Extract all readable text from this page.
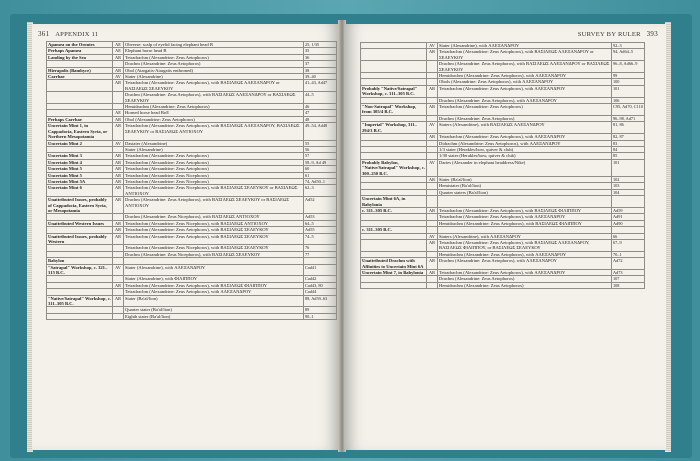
361 APPENDIX 11
Apamea on the Orontes	AE	Obverse: scalp of eyelid facing elephant head B	25, 1/35
Perhaps Apamea	AE	Elephant horse head B	35
Landing by the Sea	AR	Tetradrachm (Alexandrine: Zeus Aetophoros)	36
		Drachm (Alexandrine: Zeus Aetophoros)	37
Hierapolis (Bambyce)	AR	Obol (Atargatis-Atargatis enthroned)	38
Carrhae	AV	Stater (Alexandrine)	39–40
	AR	Tetradrachm (Alexandrine: Zeus Aetophoros), with ΒΑΣΙΛΕΩΣ ΑΛΕΞΑΝΔΡΟΥ or ΒΑΣΙΛΕΩΣ ΣΕΛΕΥΚΟΥ	41–43, Ad47
		Drachm (Alexandrine: Zeus Aetophoros), with ΒΑΣΙΛΕΩΣ ΑΛΕΞΑΝΔΡΟΥ or ΒΑΣΙΛΕΩΣ ΣΕΛΕΥΚΟΥ	44–5
		Hemidrachm (Alexandrine: Zeus Aetophoros)	46
	AE	Horned horse head BoE	47
Perhaps Carrhae	AR	Obol (Alexandrine: Zeus Aetophoros)	48
Uncertain Mint 1, in Cappadocia, Eastern Syria, or Northern Mesopotamia	AR	Tetradrachm (Alexandrine: Zeus Aetophoros), with ΒΑΣΙΛΕΩΣ ΑΛΕΞΑΝΔΡΟΥ, ΒΑΣΙΛΕΩΣ ΣΕΛΕΥΚΟΥ or ΒΑΣΙΛΕΩΣ ΑΝΤΙΟΧΟΥ	49–54, Ad48
Uncertain Mint 2	AV	Dastater (Alexandrine)	55
		Stater (Alexandrine)	56
Uncertain Mint 3	AR	Tetradrachm (Alexandrine: Zeus Aetophoros)	57
Uncertain Mint 4	AR	Tetradrachm (Alexandrine: Zeus Aetophoros)	58–9, Ad 49
Uncertain Mint 5	AR	Tetradrachm (Alexandrine: Zeus Aetophoros)	60
Uncertain Mint 5	AR	Tetradrachm (Alexandrine: Zeus Nicephoros)	61
Uncertain Mint 5A	AR	Tetradrachm (Alexandrine: Zeus Nicephoros)	74, Ad50–1
Uncertain Mint 6	AR	Tetradrachm (Alexandrine: Zeus Nicephoros), with ΒΑΣΙΛΕΩΣ ΣΕΛΕΥΚΟΥ or ΒΑΣΙΛΕΩΣ ΑΝΤΙΟΧΟΥ	62–3
Unattributed Issues, probably of Cappadocia, Eastern Syria, or Mesopotamia	AR	Drachm (Alexandrine: Zeus Aetophoros), with ΒΑΣΙΛΕΩΣ ΣΕΛΕΥΚΟΥ or ΒΑΣΙΛΕΩΣ ΑΝΤΙΟΧΟΥ	Ad52
		Drachm (Alexandrine: Zeus Nicephoros), with ΒΑΣΙΛΕΩΣ ΑΝΤΙΟΧΟΥ	Ad53
Unattributed Western Issues	AR	Tetradrachm (Alexandrine: Zeus Nicephoros), with ΒΑΣΙΛΕΩΣ ΑΝΤΙΟΧΟΥ	64–5
	AR	Tetradrachm (Alexandrine: Zeus Aetophoros), with ΒΑΣΙΛΕΩΣ ΣΕΛΕΥΚΟΥ	Ad55
Unattributed Issues, probably Western	AR	Tetradrachm (Alexandrine: Zeus Aetophoros), with ΒΑΣΙΛΕΩΣ ΣΕΛΕΥΚΟΥ	74–5
		Tetradrachm (Alexandrine: Zeus Nicephoros), with ΒΑΣΙΛΕΩΣ ΣΕΛΕΥΚΟΥ	76
		Drachm (Alexandrine: Zeus Nicephoros), with ΒΑΣΙΛΕΩΣ ΣΕΛΕΥΚΟΥ	77
Babylon			
"Satrapal" Workshop, c. 321–315 B.C.	AV	Stater (Alexandrine), with ΑΛΕΞΑΝΔΡΟΥ	Cad41
		Stater (Alexandrine), with ΦΙΛΙΠΠΟΥ	Cad42
	AR	Tetradrachm (Alexandrine: Zeus Aetophoros), with ΒΑΣΙΛΕΩΣ ΦΙΛΙΠΠΟΥ	Cad43, 80
		Tetradrachm (Alexandrine: Zeus Aetophoros), with ΑΛΕΞΑΝΔΡΟΥ	Cad44
"Native/Satrapal" Workshop, c. 311–305 B.C.	AR	Stater (Ba'al/lion)	88, Ad59–63
		Quarter stater (Ba'al/lion)	89
		Eighth stater (Ba'al/lion)	90–1
SURVEY BY RULER 393
	AV	Stater (Alexandrine), with ΑΛΕΞΑΝΔΡΟΥ	92–3
	AR	Tetradrachm (Alexandrine: Zeus Aetophoros), with ΒΑΣΙΛΕΩΣ ΑΛΕΞΑΝΔΡΟΥ or ΣΕΛΕΥΚΟΥ	94, Ad64–5
		Drachm (Alexandrine: Zeus Aetophoros), with ΒΑΣΙΛΕΩΣ ΑΛΕΞΑΝΔΡΟΥ or ΒΑΣΙΛΕΩΣ ΣΕΛΕΥΚΟΥ	96–8, Ad66–9
		Hemidrachm (Alexandrine: Zeus Aetophoros), with ΑΛΕΞΑΝΔΡΟΥ	99
		Obols (Alexandrine: Zeus Aetophoros), with ΑΛΕΞΑΝΔΡΟΥ	100
Probably "Native/Satrapal" Workshop, c. 311–305 B.C.	AR	Tetradrachm (Alexandrine: Zeus Aetophoros), with ΑΛΕΞΑΝΔΡΟΥ	101
		Drachm (Alexandrine: Zeus Aetophoros), with ΑΛΕΞΑΝΔΡΟΥ	106
"Non-Satrapal" Workshop, from 305/4 B.C.	AR	Tetradrachm (Alexandrine: Zeus Aetophoros)	C95, Ad70, C110
		Drachm (Alexandrine: Zeus Aetophoros)	96–98, Ad71
"Imperial" Workshop, 311–294/3 B.C.	AV	Staters (Alexandrine), with ΒΑΣΙΛΕΩΣ ΑΛΕΞΑΝΔΡΟΥ	81, 86
	AR	Tetradrachm (Alexandrine: Zeus Aetophoros), with ΑΛΕΞΑΝΔΡΟΥ	82, 87
		Didrachm (Alexandrine: Zeus Aetophoros), with ΑΛΕΞΑΝΔΡΟΥ	83
		1/3 stater (Herakles/bow, quiver & club)	84
		1/30 stater (Herakles/bow, quiver & club)	85
Probably Babylon, "Native/Satrapal" Workshop, c. 300–250 B.C.	AV	Daries (Alexander in elephant headdress/Nike)	101
	AR	Stater (Ba'al/lion)	102
		Hemistater (Ba'al/lion)	103
		Quarter staters (Ba'al/lion)	104
Uncertain Mint 6A, in Babylonia			
c. 311–305 B.C.	AR	Tetradrachm (Alexandrine: Zeus Aetophoros), with ΒΑΣΙΛΕΩΣ ΦΙΛΙΠΠΟΥ	Ad59
		Tetradrachm (Alexandrine: Zeus Aetophoros), with ΑΛΕΞΑΝΔΡΟΥ	Ad91
		Hemidrachm (Alexandrine: Zeus Aetophoros), with ΒΑΣΙΛΕΩΣ ΦΙΛΙΠΠΟΥ	Ad90
c. 311–305 B.C.			
	AV	Staters (Alexandrine), with ΑΛΕΞΑΝΔΡΟΥ	66
	AR	Tetradrachm (Alexandrine: Zeus Aetophoros), with ΒΑΣΙΛΕΩΣ ΑΛΕΞΑΝΔΡΟΥ, ΒΑΣΙΛΕΩΣ ΦΙΛΙΠΠΟΥ, or ΒΑΣΙΛΕΩΣ ΣΕΛΕΥΚΟΥ	67–9
		Hemidrachm (Alexandrine: Zeus Aetophoros), with ΑΛΕΞΑΝΔΡΟΥ	70–1
Unattributed Drachm with Affinities to Uncertain Mint 6A	AR	Drachm (Alexandrine: Zeus Aetophoros), with ΑΛΕΞΑΝΔΡΟΥ	Ad72
Uncertain Mint 7, in Babylonia	AR	Tetradrachm (Alexandrine: Zeus Aetophoros), with ΑΛΕΞΑΝΔΡΟΥ	Ad73
		Drachm (Alexandrine: Zeus Aetophoros)	107
		Hemidrachm (Alexandrine: Zeus Aetophoros)	108
